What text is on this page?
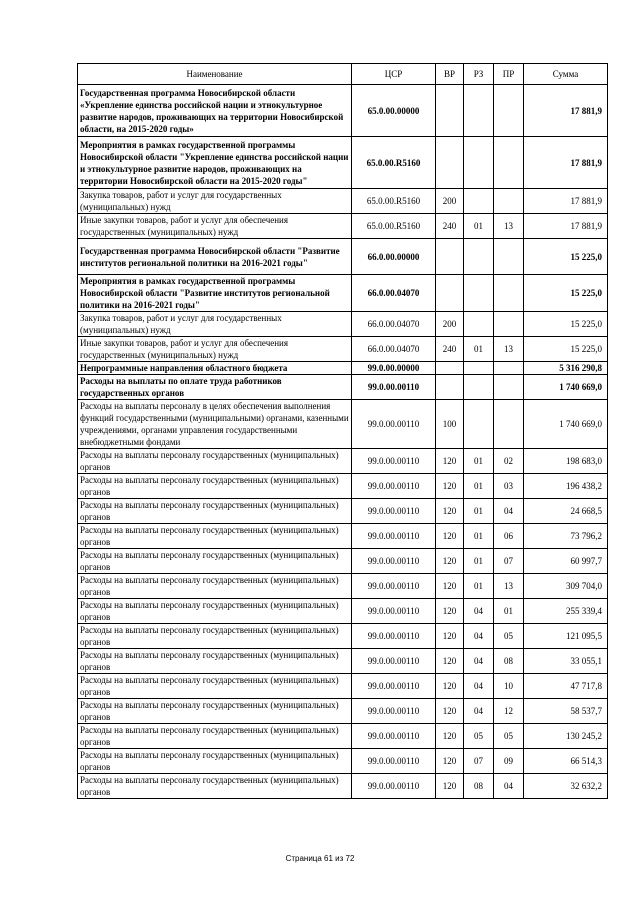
Наименование	ЦСР	ВР	РЗ	ПР	Сумма
Государственная программа Новосибирской области «Укрепление единства российской нации и этнокультурное развитие народов, проживающих на территории Новосибирской области, на 2015-2020 годы»	65.0.00.00000				17 881,9
Мероприятия в рамках государственной программы Новосибирской области "Укрепление единства российской нации и этнокультурное развитие народов, проживающих на территории Новосибирской области на 2015-2020 годы"	65.0.00.R5160				17 881,9
Закупка товаров, работ и услуг для государственных (муниципальных) нужд	65.0.00.R5160	200			17 881,9
Иные закупки товаров, работ и услуг для обеспечения государственных (муниципальных) нужд	65.0.00.R5160	240	01	13	17 881,9
Государственная программа Новосибирской области "Развитие институтов региональной политики на 2016-2021 годы"	66.0.00.00000				15 225,0
Мероприятия в рамках государственной программы Новосибирской области "Развитие институтов региональной политики на 2016-2021 годы"	66.0.00.04070				15 225,0
Закупка товаров, работ и услуг для государственных (муниципальных) нужд	66.0.00.04070	200			15 225,0
Иные закупки товаров, работ и услуг для обеспечения государственных (муниципальных) нужд	66.0.00.04070	240	01	13	15 225,0
Непрограммные направления областного бюджета	99.0.00.00000				5 316 290,8
Расходы на выплаты по оплате труда работников государственных органов	99.0.00.00110				1 740 669,0
Расходы на выплаты персоналу в целях обеспечения выполнения функций государственными (муниципальными) органами, казенными учреждениями, органами управления государственными внебюджетными фондами	99.0.00.00110	100			1 740 669,0
Расходы на выплаты персоналу государственных (муниципальных) органов	99.0.00.00110	120	01	02	198 683,0
Расходы на выплаты персоналу государственных (муниципальных) органов	99.0.00.00110	120	01	03	196 438,2
Расходы на выплаты персоналу государственных (муниципальных) органов	99.0.00.00110	120	01	04	24 668,5
Расходы на выплаты персоналу государственных (муниципальных) органов	99.0.00.00110	120	01	06	73 796,2
Расходы на выплаты персоналу государственных (муниципальных) органов	99.0.00.00110	120	01	07	60 997,7
Расходы на выплаты персоналу государственных (муниципальных) органов	99.0.00.00110	120	01	13	309 704,0
Расходы на выплаты персоналу государственных (муниципальных) органов	99.0.00.00110	120	04	01	255 339,4
Расходы на выплаты персоналу государственных (муниципальных) органов	99.0.00.00110	120	04	05	121 095,5
Расходы на выплаты персоналу государственных (муниципальных) органов	99.0.00.00110	120	04	08	33 055,1
Расходы на выплаты персоналу государственных (муниципальных) органов	99.0.00.00110	120	04	10	47 717,8
Расходы на выплаты персоналу государственных (муниципальных) органов	99.0.00.00110	120	04	12	58 537,7
Расходы на выплаты персоналу государственных (муниципальных) органов	99.0.00.00110	120	05	05	130 245,2
Расходы на выплаты персоналу государственных (муниципальных) органов	99.0.00.00110	120	07	09	66 514,3
Расходы на выплаты персоналу государственных (муниципальных) органов	99.0.00.00110	120	08	04	32 632,2
Страница 61 из 72
